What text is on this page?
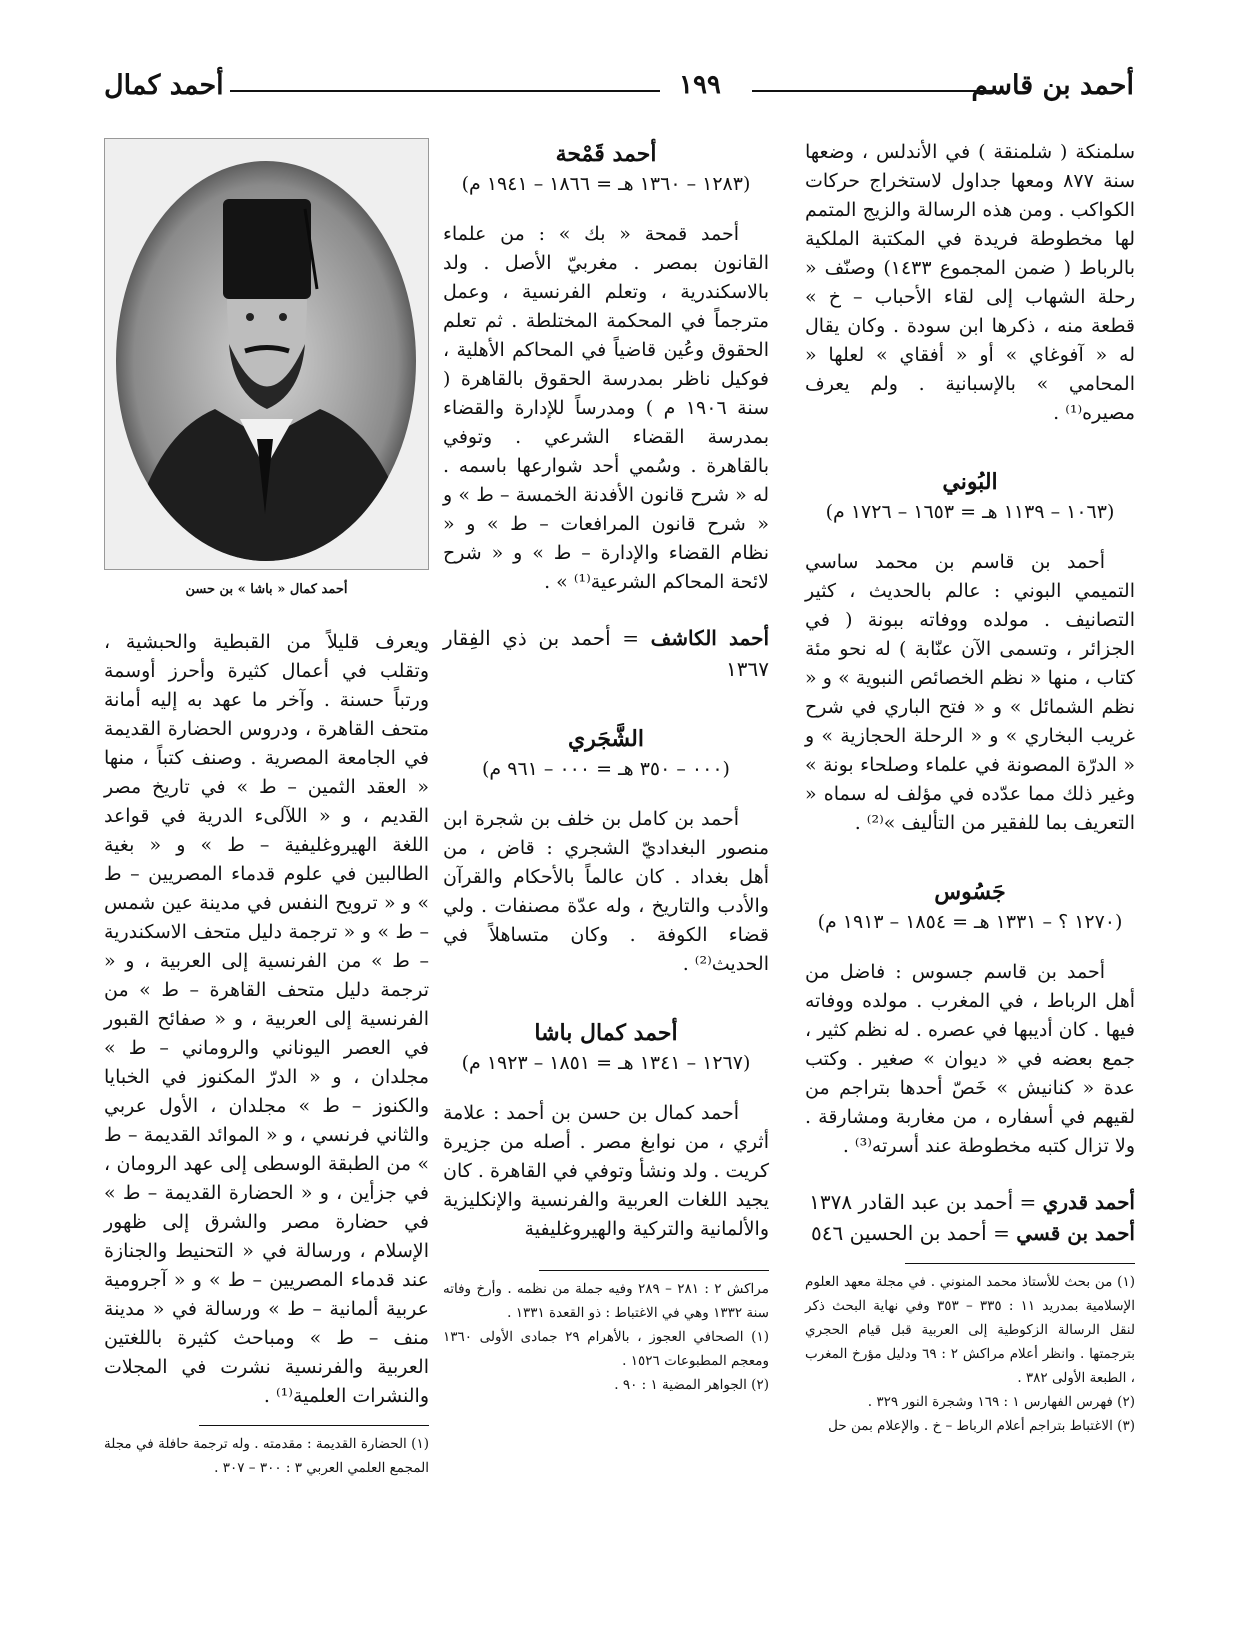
أحمد بن قاسم
١٩٩
أحمد كمال

سلمنكة ( شلمنقة ) في الأندلس ، وضعها سنة ٨٧٧ ومعها جداول لاستخراج حركات الكواكب . ومن هذه الرسالة والزيج المتمم لها مخطوطة فريدة في المكتبة الملكية بالرباط ( ضمن المجموع ١٤٣٣) وصنّف « رحلة الشهاب إلى لقاء الأحباب – خ » قطعة منه ، ذكرها ابن سودة . وكان يقال له « آفوغاي » أو « أفقاي » لعلها « المحامي » بالإسبانية . ولم يعرف مصيره⁽¹⁾ .

البُوني

(١٠٦٣ – ١١٣٩ هـ = ١٦٥٣ – ١٧٢٦ م)

أحمد بن قاسم بن محمد ساسي التميمي البوني : عالم بالحديث ، كثير التصانيف . مولده ووفاته ببونة ( في الجزائر ، وتسمى الآن عنّابة ) له نحو مئة كتاب ، منها « نظم الخصائص النبوية » و « نظم الشمائل » و « فتح الباري في شرح غريب البخاري » و « الرحلة الحجازية » و « الدرّة المصونة في علماء وصلحاء بونة » وغير ذلك مما عدّده في مؤلف له سماه « التعريف بما للفقير من التأليف »⁽²⁾ .

جَسُوس

(١٢٧٠ ؟ – ١٣٣١ هـ = ١٨٥٤ – ١٩١٣ م)

أحمد بن قاسم جسوس : فاضل من أهل الرباط ، في المغرب . مولده ووفاته فيها . كان أديبها في عصره . له نظم كثير ، جمع بعضه في « ديوان » صغير . وكتب عدة « كنانيش » خَصّ أحدها بتراجم من لقيهم في أسفاره ، من مغاربة ومشارقة . ولا تزال كتبه مخطوطة عند أسرته⁽³⁾ .

أحمد قدري = أحمد بن عبد القادر ١٣٧٨

أحمد بن قسي = أحمد بن الحسين ٥٤٦

(١) من بحث للأستاذ محمد المنوني . في مجلة معهد العلوم الإسلامية بمدريد ١١ : ٣٣٥ – ٣٥٣ وفي نهاية البحث ذكر لنقل الرسالة الزكوطية إلى العربية قبل قيام الحجري بترجمتها . وانظر أعلام مراكش ٢ : ٦٩ ودليل مؤرخ المغرب ، الطبعة الأولى ٣٨٢ .

(٢) فهرس الفهارس ١ : ١٦٩ وشجرة النور ٣٢٩ .

(٣) الاغتباط بتراجم أعلام الرباط – خ . والإعلام بمن حل

أحمد قَمْحة

(١٢٨٣ – ١٣٦٠ هـ = ١٨٦٦ – ١٩٤١ م)

أحمد قمحة « بك » : من علماء القانون بمصر . مغربيّ الأصل . ولد بالاسكندرية ، وتعلم الفرنسية ، وعمل مترجماً في المحكمة المختلطة . ثم تعلم الحقوق وعُين قاضياً في المحاكم الأهلية ، فوكيل ناظر بمدرسة الحقوق بالقاهرة ( سنة ١٩٠٦ م ) ومدرساً للإدارة والقضاء بمدرسة القضاء الشرعي . وتوفي بالقاهرة . وسُمي أحد شوارعها باسمه . له « شرح قانون الأفدنة الخمسة – ط » و « شرح قانون المرافعات – ط » و « نظام القضاء والإدارة – ط » و « شرح لائحة المحاكم الشرعية⁽¹⁾ » .

أحمد الكاشف = أحمد بن ذي الفِقار ١٣٦٧

الشَّجَري

(٠٠٠ – ٣٥٠ هـ = ٠٠٠ – ٩٦١ م)

أحمد بن كامل بن خلف بن شجرة ابن منصور البغداديّ الشجري : قاض ، من أهل بغداد . كان عالماً بالأحكام والقرآن والأدب والتاريخ ، وله عدّة مصنفات . ولي قضاء الكوفة . وكان متساهلاً في الحديث⁽²⁾ .

أحمد كمال باشا

(١٢٦٧ – ١٣٤١ هـ = ١٨٥١ – ١٩٢٣ م)

أحمد كمال بن حسن بن أحمد : علامة أثري ، من نوابغ مصر . أصله من جزيرة كريت . ولد ونشأ وتوفي في القاهرة . كان يجيد اللغات العربية والفرنسية والإنكليزية والألمانية والتركية والهيروغليفية

مراكش ٢ : ٢٨١ – ٢٨٩ وفيه جملة من نظمه . وأرخ وفاته سنة ١٣٣٢ وهي في الاغتباط : ذو القعدة ١٣٣١ .

(١) الصحافي العجوز ، بالأهرام ٢٩ جمادى الأولى ١٣٦٠ ومعجم المطبوعات ١٥٢٦ .

(٢) الجواهر المضية ١ : ٩٠ .

أحمد كمال « باشا » بن حسن

ويعرف قليلاً من القبطية والحبشية ، وتقلب في أعمال كثيرة وأحرز أوسمة ورتباً حسنة . وآخر ما عهد به إليه أمانة متحف القاهرة ، ودروس الحضارة القديمة في الجامعة المصرية . وصنف كتباً ، منها « العقد الثمين – ط » في تاريخ مصر القديم ، و « اللآلىء الدرية في قواعد اللغة الهيروغليفية – ط » و « بغية الطالبين في علوم قدماء المصريين – ط » و « ترويح النفس في مدينة عين شمس – ط » و « ترجمة دليل متحف الاسكندرية – ط » من الفرنسية إلى العربية ، و « ترجمة دليل متحف القاهرة – ط » من الفرنسية إلى العربية ، و « صفائح القبور في العصر اليوناني والروماني – ط » مجلدان ، و « الدرّ المكنوز في الخبايا والكنوز – ط » مجلدان ، الأول عربي والثاني فرنسي ، و « الموائد القديمة – ط » من الطبقة الوسطى إلى عهد الرومان ، في جزأين ، و « الحضارة القديمة – ط » في حضارة مصر والشرق إلى ظهور الإسلام ، ورسالة في « التحنيط والجنازة عند قدماء المصريين – ط » و « آجرومية عربية ألمانية – ط » ورسالة في « مدينة منف – ط » ومباحث كثيرة باللغتين العربية والفرنسية نشرت في المجلات والنشرات العلمية⁽¹⁾ .

(١) الحضارة القديمة : مقدمته . وله ترجمة حافلة في مجلة المجمع العلمي العربي ٣ : ٣٠٠ – ٣٠٧ .
